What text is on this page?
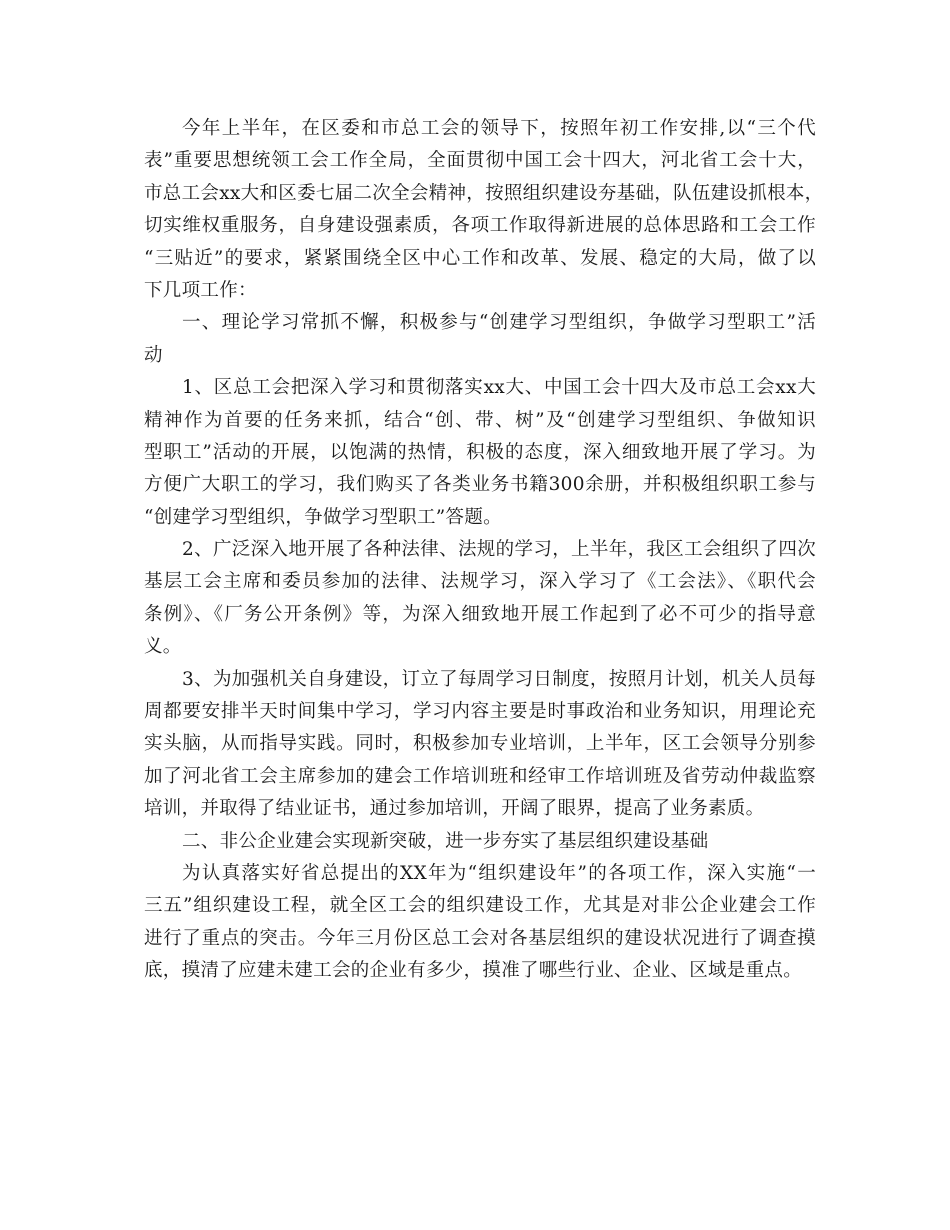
今年上半年，在区委和市总工会的领导下，按照年初工作安排,以“三个代
表”重要思想统领工会工作全局，全面贯彻中国工会十四大，河北省工会十大，
市总工会xx大和区委七届二次全会精神，按照组织建设夯基础，队伍建设抓根本，
切实维权重服务，自身建设强素质，各项工作取得新进展的总体思路和工会工作
“三贴近”的要求，紧紧围绕全区中心工作和改革、发展、稳定的大局，做了以
下几项工作：
一、理论学习常抓不懈，积极参与“创建学习型组织，争做学习型职工”活
动
1、区总工会把深入学习和贯彻落实xx大、中国工会十四大及市总工会xx大
精神作为首要的任务来抓，结合“创、带、树”及“创建学习型组织、争做知识
型职工”活动的开展，以饱满的热情，积极的态度，深入细致地开展了学习。为
方便广大职工的学习，我们购买了各类业务书籍300余册，并积极组织职工参与
“创建学习型组织，争做学习型职工”答题。
2、广泛深入地开展了各种法律、法规的学习，上半年，我区工会组织了四次
基层工会主席和委员参加的法律、法规学习，深入学习了《工会法》、《职代会
条例》、《厂务公开条例》等，为深入细致地开展工作起到了必不可少的指导意
义。
3、为加强机关自身建设，订立了每周学习日制度，按照月计划，机关人员每
周都要安排半天时间集中学习，学习内容主要是时事政治和业务知识，用理论充
实头脑，从而指导实践。同时，积极参加专业培训，上半年，区工会领导分别参
加了河北省工会主席参加的建会工作培训班和经审工作培训班及省劳动仲裁监察
培训，并取得了结业证书，通过参加培训，开阔了眼界，提高了业务素质。
二、非公企业建会实现新突破，进一步夯实了基层组织建设基础
为认真落实好省总提出的XX年为“组织建设年”的各项工作，深入实施“一
三五”组织建设工程，就全区工会的组织建设工作，尤其是对非公企业建会工作
进行了重点的突击。今年三月份区总工会对各基层组织的建设状况进行了调查摸
底，摸清了应建未建工会的企业有多少，摸准了哪些行业、企业、区域是重点。
